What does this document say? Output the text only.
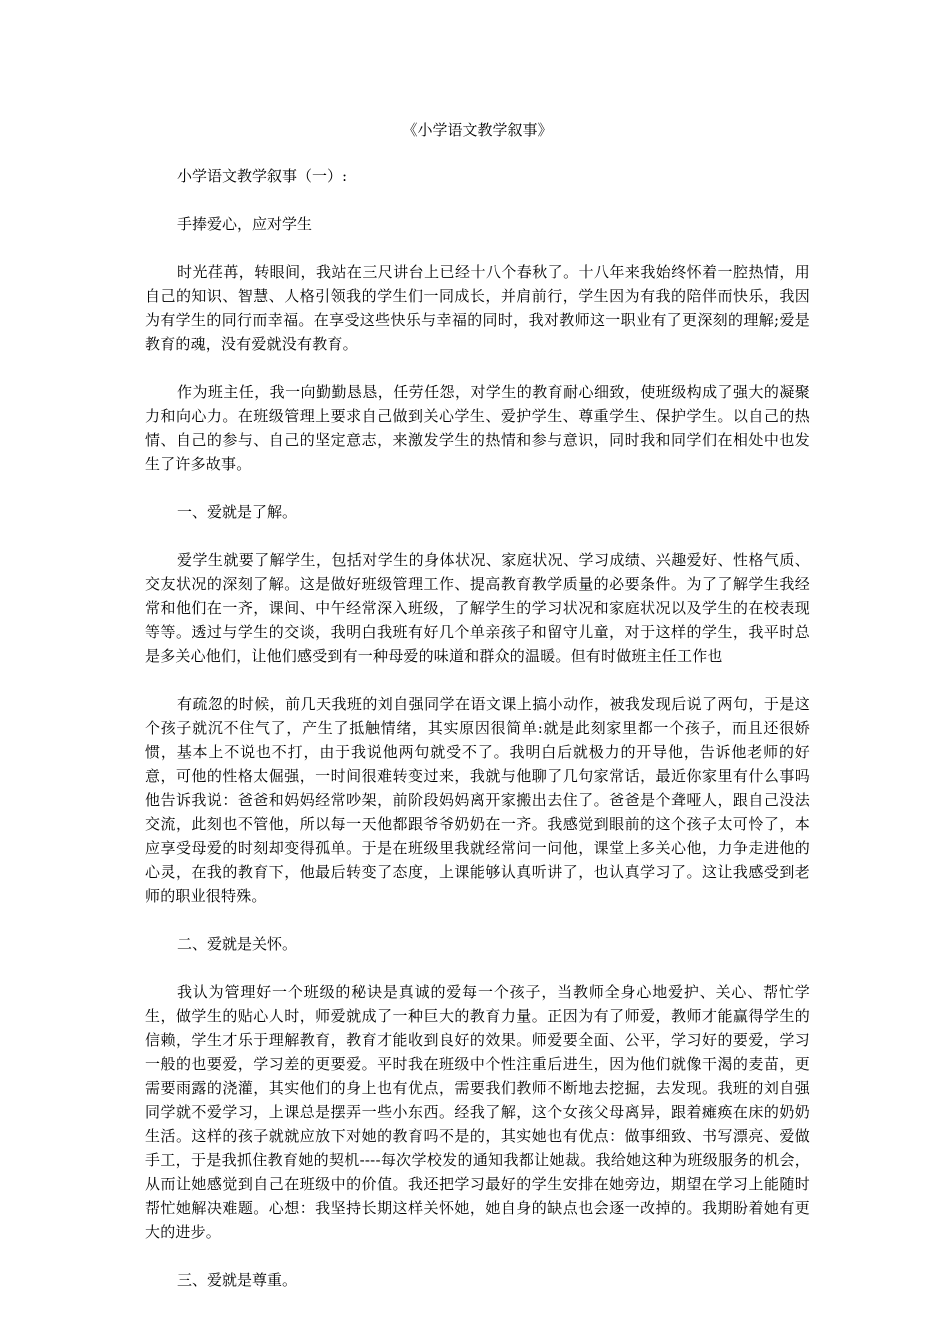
《小学语文教学叙事》
小学语文教学叙事（一）:
手捧爱心，应对学生
时光荏苒，转眼间，我站在三尺讲台上已经十八个春秋了。十八年来我始终怀着一腔热情，用自己的知识、智慧、人格引领我的学生们一同成长，并肩前行，学生因为有我的陪伴而快乐，我因为有学生的同行而幸福。在享受这些快乐与幸福的同时，我对教师这一职业有了更深刻的理解;爱是教育的魂，没有爱就没有教育。
作为班主任，我一向勤勤恳恳，任劳任怨，对学生的教育耐心细致，使班级构成了强大的凝聚力和向心力。在班级管理上要求自己做到关心学生、爱护学生、尊重学生、保护学生。以自己的热情、自己的参与、自己的坚定意志，来激发学生的热情和参与意识，同时我和同学们在相处中也发生了许多故事。
一、爱就是了解。
爱学生就要了解学生，包括对学生的身体状况、家庭状况、学习成绩、兴趣爱好、性格气质、交友状况的深刻了解。这是做好班级管理工作、提高教育教学质量的必要条件。为了了解学生我经常和他们在一齐，课间、中午经常深入班级，了解学生的学习状况和家庭状况以及学生的在校表现等等。透过与学生的交谈，我明白我班有好几个单亲孩子和留守儿童，对于这样的学生，我平时总是多关心他们，让他们感受到有一种母爱的味道和群众的温暖。但有时做班主任工作也
有疏忽的时候，前几天我班的刘自强同学在语文课上搞小动作，被我发现后说了两句，于是这个孩子就沉不住气了，产生了抵触情绪，其实原因很简单:就是此刻家里都一个孩子，而且还很娇惯，基本上不说也不打，由于我说他两句就受不了。我明白后就极力的开导他，告诉他老师的好意，可他的性格太倔强，一时间很难转变过来，我就与他聊了几句家常话，最近你家里有什么事吗他告诉我说：爸爸和妈妈经常吵架，前阶段妈妈离开家搬出去住了。爸爸是个聋哑人，跟自己没法交流，此刻也不管他，所以每一天他都跟爷爷奶奶在一齐。我感觉到眼前的这个孩子太可怜了，本应享受母爱的时刻却变得孤单。于是在班级里我就经常问一问他，课堂上多关心他，力争走进他的心灵，在我的教育下，他最后转变了态度，上课能够认真听讲了，也认真学习了。这让我感受到老师的职业很特殊。
二、爱就是关怀。
我认为管理好一个班级的秘诀是真诚的爱每一个孩子，当教师全身心地爱护、关心、帮忙学生，做学生的贴心人时，师爱就成了一种巨大的教育力量。正因为有了师爱，教师才能赢得学生的信赖，学生才乐于理解教育，教育才能收到良好的效果。师爱要全面、公平，学习好的要爱，学习一般的也要爱，学习差的更要爱。平时我在班级中个性注重后进生，因为他们就像干渴的麦苗，更需要雨露的浇灌，其实他们的身上也有优点，需要我们教师不断地去挖掘，去发现。我班的刘自强同学就不爱学习，上课总是摆弄一些小东西。经我了解，这个女孩父母离异，跟着瘫痪在床的奶奶生活。这样的孩子就就应放下对她的教育吗不是的，其实她也有优点：做事细致、书写漂亮、爱做手工，于是我抓住教育她的契机----每次学校发的通知我都让她裁。我给她这种为班级服务的机会，从而让她感觉到自己在班级中的价值。我还把学习最好的学生安排在她旁边，期望在学习上能随时帮忙她解决难题。心想：我坚持长期这样关怀她，她自身的缺点也会逐一改掉的。我期盼着她有更大的进步。
三、爱就是尊重。
